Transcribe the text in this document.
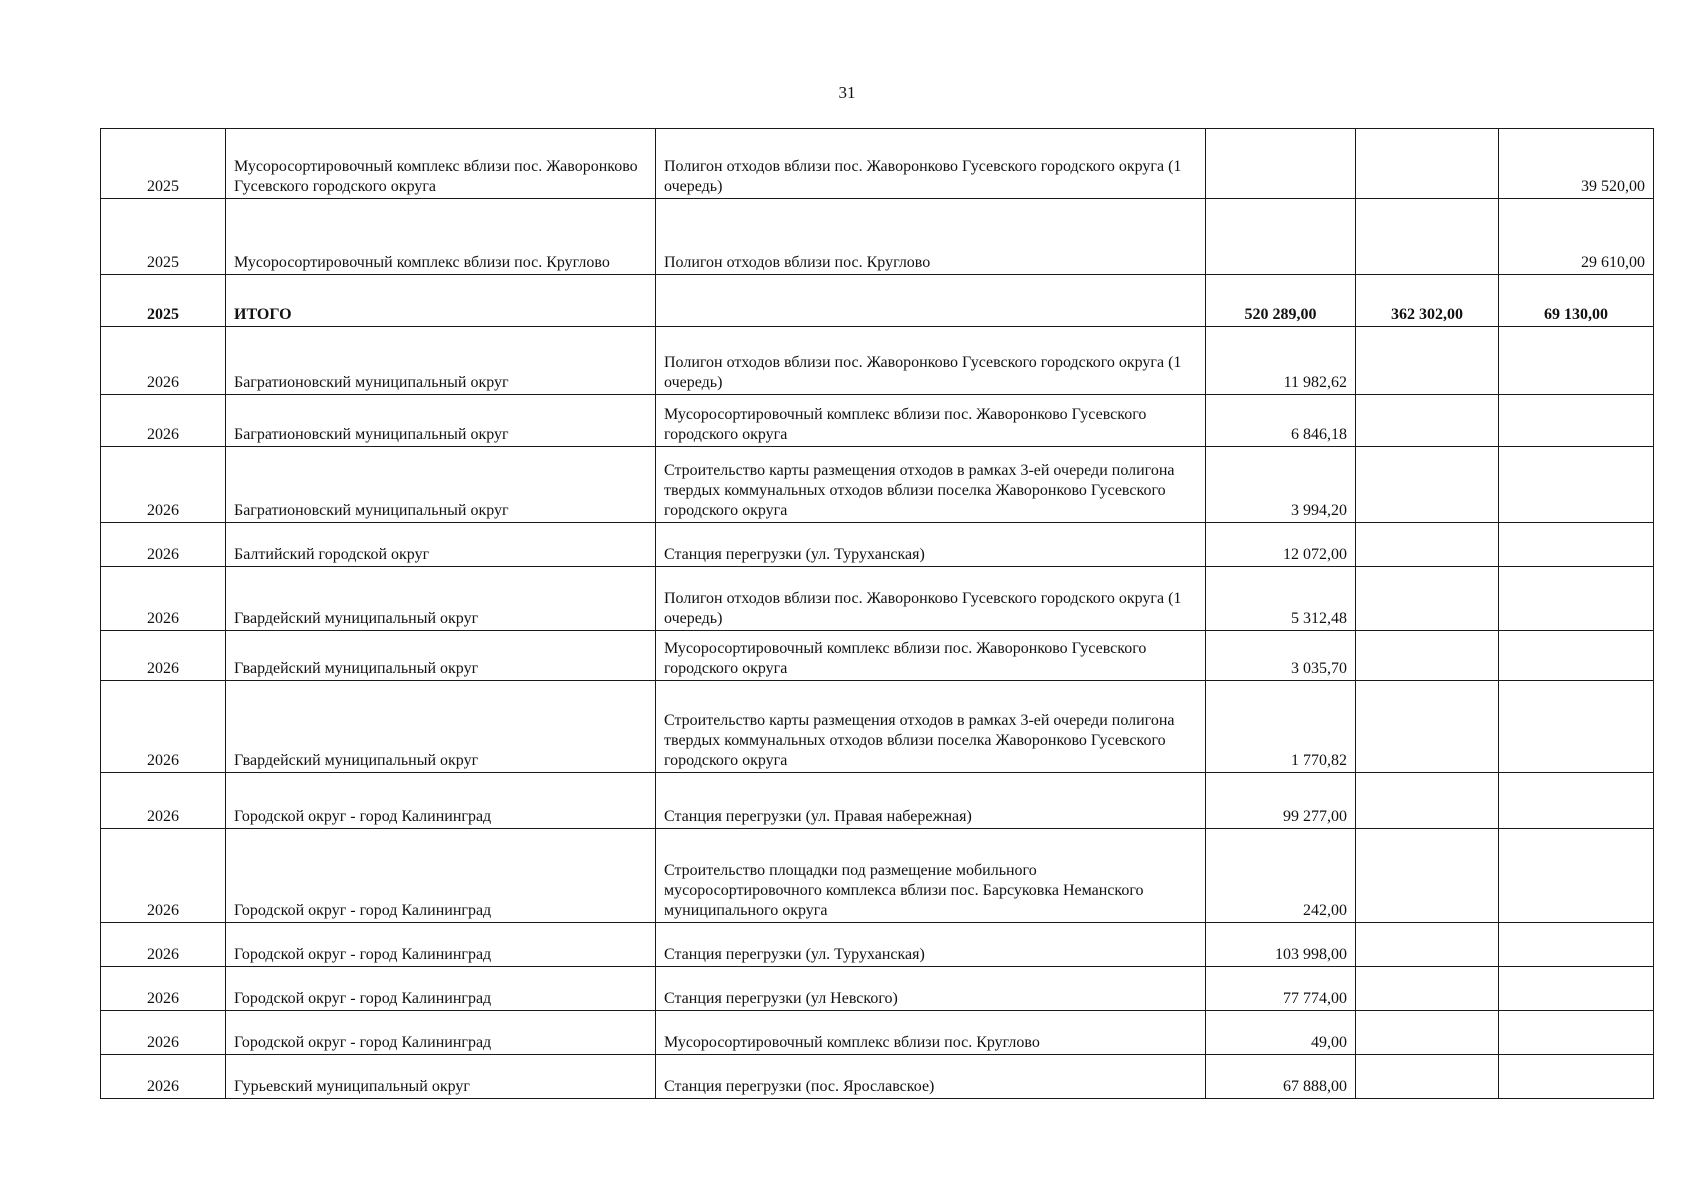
31
2025	Мусоросортировочный комплекс вблизи пос. Жаворонково Гусевского городского округа	Полигон отходов вблизи пос. Жаворонково Гусевского городского округа (1 очередь)			39 520,00
2025	Мусоросортировочный комплекс вблизи пос. Круглово	Полигон отходов вблизи пос. Круглово			29 610,00
2025	ИТОГО		520 289,00	362 302,00	69 130,00
2026	Багратионовский муниципальный округ	Полигон отходов вблизи пос. Жаворонково Гусевского городского округа (1 очередь)	11 982,62		
2026	Багратионовский муниципальный округ	Мусоросортировочный комплекс вблизи пос. Жаворонково Гусевского городского округа	6 846,18		
2026	Багратионовский муниципальный округ	Строительство карты размещения отходов в рамках 3-ей очереди полигона твердых коммунальных отходов вблизи поселка Жаворонково Гусевского городского округа	3 994,20		
2026	Балтийский городской округ	Станция перегрузки (ул. Туруханская)	12 072,00		
2026	Гвардейский муниципальный округ	Полигон отходов вблизи пос. Жаворонково Гусевского городского округа (1 очередь)	5 312,48		
2026	Гвардейский муниципальный округ	Мусоросортировочный комплекс вблизи пос. Жаворонково Гусевского городского округа	3 035,70		
2026	Гвардейский муниципальный округ	Строительство карты размещения отходов в рамках 3-ей очереди полигона твердых коммунальных отходов вблизи поселка Жаворонково Гусевского городского округа	1 770,82		
2026	Городской округ - город Калининград	Станция перегрузки (ул. Правая набережная)	99 277,00		
2026	Городской округ - город Калининград	Строительство площадки под размещение мобильного мусоросортировочного комплекса вблизи пос. Барсуковка Неманского муниципального округа	242,00		
2026	Городской округ - город Калининград	Станция перегрузки (ул. Туруханская)	103 998,00		
2026	Городской округ - город Калининград	Станция перегрузки (ул Невского)	77 774,00		
2026	Городской округ - город Калининград	Мусоросортировочный комплекс вблизи пос. Круглово	49,00		
2026	Гурьевский муниципальный округ	Станция перегрузки (пос. Ярославское)	67 888,00		
